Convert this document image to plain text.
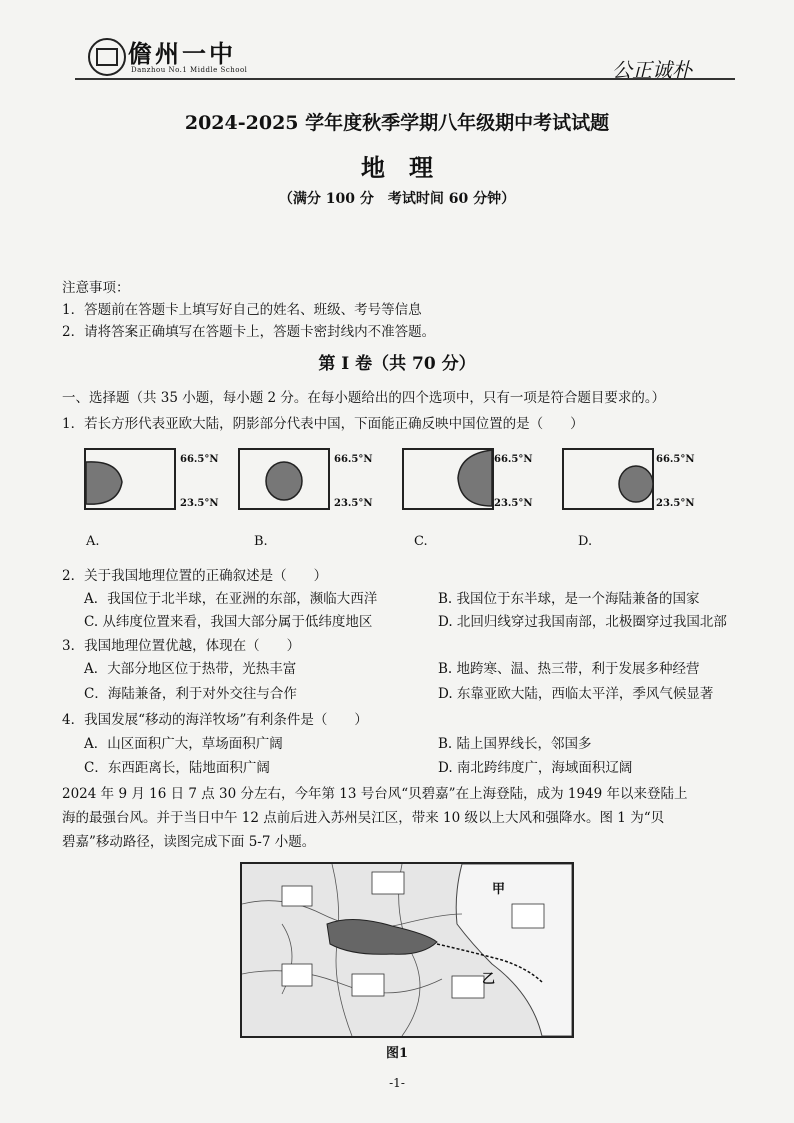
儋州一中
Danzhou No.1 Middle School	公正诚朴
2024-2025 学年度秋季学期八年级期中考试试题
地　理
（满分 100 分　考试时间 60 分钟）
注意事项：
1．答题前在答题卡上填写好自己的姓名、班级、考号等信息
2．请将答案正确填写在答题卡上，答题卡密封线内不准答题。
第 I 卷（共 70 分）
一、选择题（共 35 小题，每小题 2 分。在每小题给出的四个选项中，只有一项是符合题目要求的。）
1．若长方形代表亚欧大陆，阴影部分代表中国，下面能正确反映中国位置的是（　　）
66.5°N
23.5°N
A.
66.5°N
23.5°N
B.
66.5°N
23.5°N
C.
66.5°N
23.5°N
D.
2．关于我国地理位置的正确叙述是（　　）
A．我国位于北半球，在亚洲的东部，濒临大西洋	B. 我国位于东半球，是一个海陆兼备的国家
C. 从纬度位置来看，我国大部分属于低纬度地区	D. 北回归线穿过我国南部，北极圈穿过我国北部
3．我国地理位置优越，体现在（　　）
A．大部分地区位于热带，光热丰富	B. 地跨寒、温、热三带，利于发展多种经营
C．海陆兼备，利于对外交往与合作	D. 东靠亚欧大陆，西临太平洋，季风气候显著
4．我国发展“移动的海洋牧场”有利条件是（　　）
A．山区面积广大，草场面积广阔	B. 陆上国界线长，邻国多
C．东西距离长，陆地面积广阔	D. 南北跨纬度广，海域面积辽阔
2024 年 9 月 16 日 7 点 30 分左右，今年第 13 号台风“贝碧嘉”在上海登陆，成为 1949 年以来登陆上
海的最强台风。并于当日中午 12 点前后进入苏州吴江区，带来 10 级以上大风和强降水。图 1 为“贝
碧嘉”移动路径，读图完成下面 5-7 小题。
甲
乙
图1
-1-
